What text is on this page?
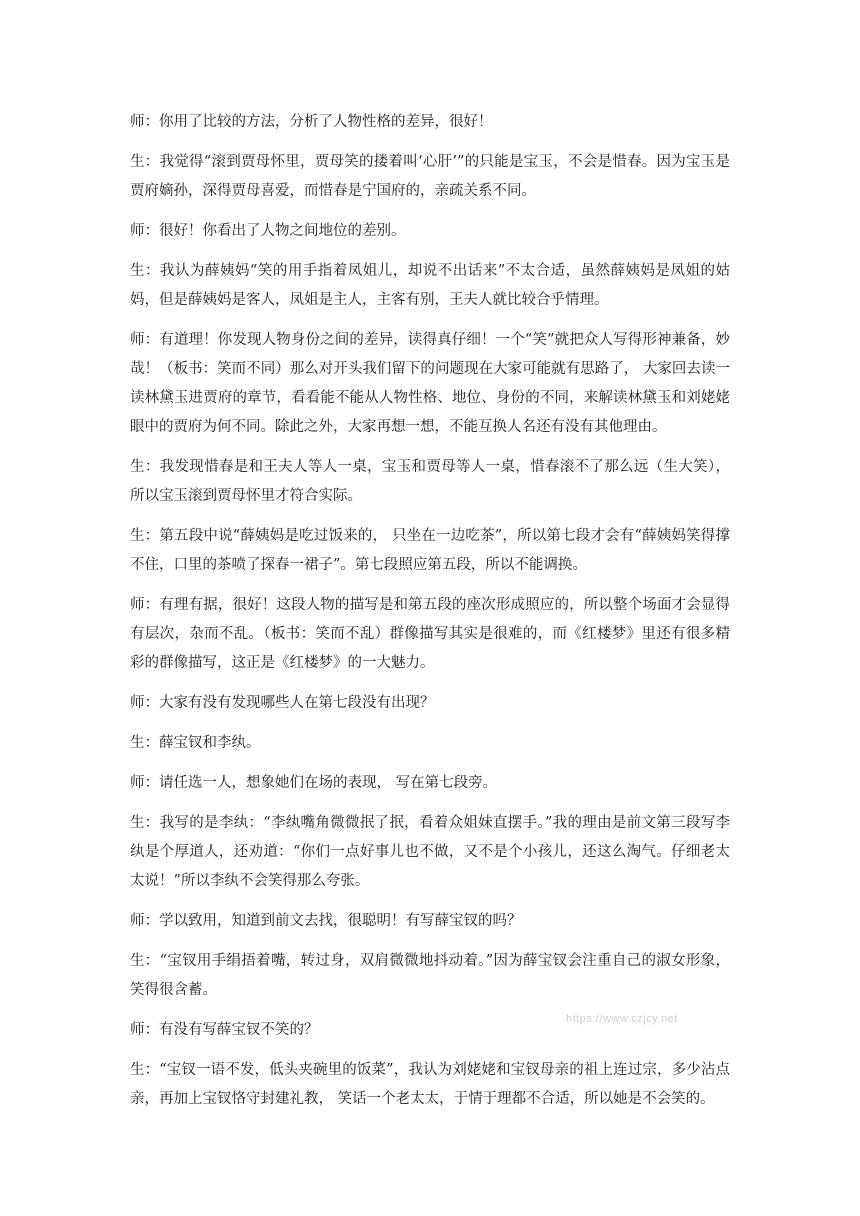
师：你用了比较的方法，分析了人物性格的差异，很好！

生：我觉得“滚到贾母怀里，贾母笑的搂着叫‘心肝’”的只能是宝玉，不会是惜春。因为宝玉是贾府嫡孙，深得贾母喜爱，而惜春是宁国府的，亲疏关系不同。

师：很好！你看出了人物之间地位的差别。

生：我认为薛姨妈“笑的用手指着凤姐儿，却说不出话来”不太合适，虽然薛姨妈是凤姐的姑妈，但是薛姨妈是客人，凤姐是主人，主客有别，王夫人就比较合乎情理。

师：有道理！你发现人物身份之间的差异，读得真仔细！一个“笑”就把众人写得形神兼备，妙哉！（板书：笑而不同）那么对开头我们留下的问题现在大家可能就有思路了， 大家回去读一读林黛玉进贾府的章节，看看能不能从人物性格、地位、身份的不同，来解读林黛玉和刘姥姥眼中的贾府为何不同。除此之外，大家再想一想，不能互换人名还有没有其他理由。

生：我发现惜春是和王夫人等人一桌，宝玉和贾母等人一桌，惜春滚不了那么远（生大笑），所以宝玉滚到贾母怀里才符合实际。

生：第五段中说“薛姨妈是吃过饭来的， 只坐在一边吃茶”，所以第七段才会有“薛姨妈笑得撑不住，口里的茶喷了探春一裙子”。第七段照应第五段，所以不能调换。

师：有理有据，很好！这段人物的描写是和第五段的座次形成照应的，所以整个场面才会显得有层次，杂而不乱。（板书：笑而不乱）群像描写其实是很难的，而《红楼梦》里还有很多精彩的群像描写，这正是《红楼梦》的一大魅力。

师：大家有没有发现哪些人在第七段没有出现？

生：薛宝钗和李纨。

师：请任选一人，想象她们在场的表现， 写在第七段旁。

生：我写的是李纨：“李纨嘴角微微抿了抿，看着众姐妹直摆手。”我的理由是前文第三段写李纨是个厚道人，还劝道：“你们一点好事儿也不做，又不是个小孩儿，还这么淘气。仔细老太太说！”所以李纨不会笑得那么夸张。

师：学以致用，知道到前文去找，很聪明！有写薛宝钗的吗？

生：“宝钗用手绢捂着嘴，转过身，双肩微微地抖动着。”因为薛宝钗会注重自己的淑女形象，笑得很含蓄。

师：有没有写薛宝钗不笑的？

生：“宝钗一语不发，低头夹碗里的饭菜”，我认为刘姥姥和宝钗母亲的祖上连过宗，多少沾点亲，再加上宝钗恪守封建礼教， 笑话一个老太太，于情于理都不合适，所以她是不会笑的。

https://www.czjcy.net
